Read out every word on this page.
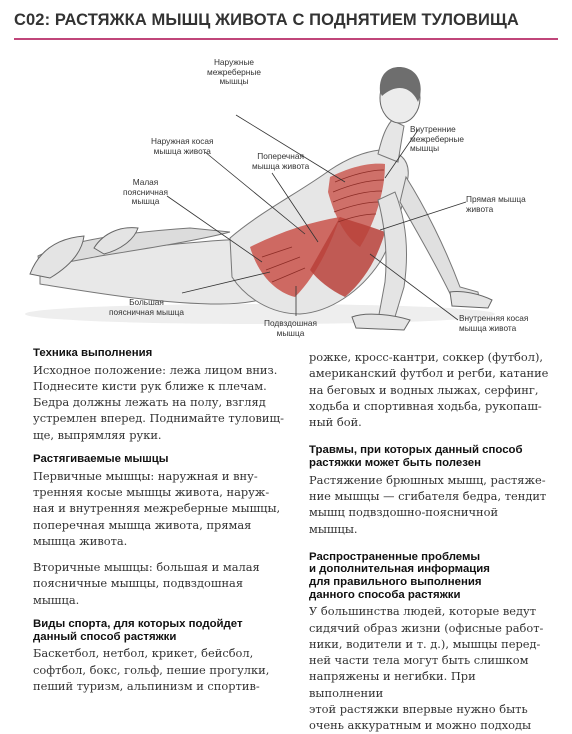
C02: РАСТЯЖКА МЫШЦ ЖИВОТА С ПОДНЯТИЕМ ТУЛОВИЩА
Наружные
межреберные
мышцы
Наружная косая
мышца живота
Поперечная
мышца живота
Малая
поясничная
мышца
Внутренние
межреберные
мышцы
Прямая мышца
живота
Большая
поясничная мышца
Подвздошная
мышца
Внутренняя косая
мышца живота
Техника выполнения

Исходное положение: лежа лицом вниз.
Поднесите кисти рук ближе к плечам.
Бедра должны лежать на полу, взгляд
устремлен вперед. Поднимайте туловищ-
ще, выпрямляя руки.

Растягиваемые мышцы

Первичные мышцы: наружная и вну-
тренняя косые мышцы живота, наруж-
ная и внутренняя межреберные мышцы,
поперечная мышца живота, прямая
мышца живота.

Вторичные мышцы: большая и малая
поясничные мышцы, подвздошная
мышца.

Виды спорта, для которых подойдет
данный способ растяжки

Баскетбол, нетбол, крикет, бейсбол,
софтбол, бокс, гольф, пешие прогулки,
пеший туризм, альпинизм и спортив-

рожке, кросс-кантри, соккер (футбол),
американский футбол и регби, катание
на беговых и водных лыжах, серфинг,
ходьба и спортивная ходьба, рукопаш-
ный бой.

Травмы, при которых данный способ
растяжки может быть полезен

Растяжение брюшных мышц, растяже-
ние мышцы — сгибателя бедра, тендит
мышц подвздошно-поясничной мышцы.

Распространенные проблемы
и дополнительная информация
для правильного выполнения
данного способа растяжки

У большинства людей, которые ведут
сидячий образ жизни (офисные работ-
ники, водители и т. д.), мышцы перед-
ней части тела могут быть слишком
напряжены и негибки. При выполнении
этой растяжки впервые нужно быть
очень аккуратным и можно подходы
